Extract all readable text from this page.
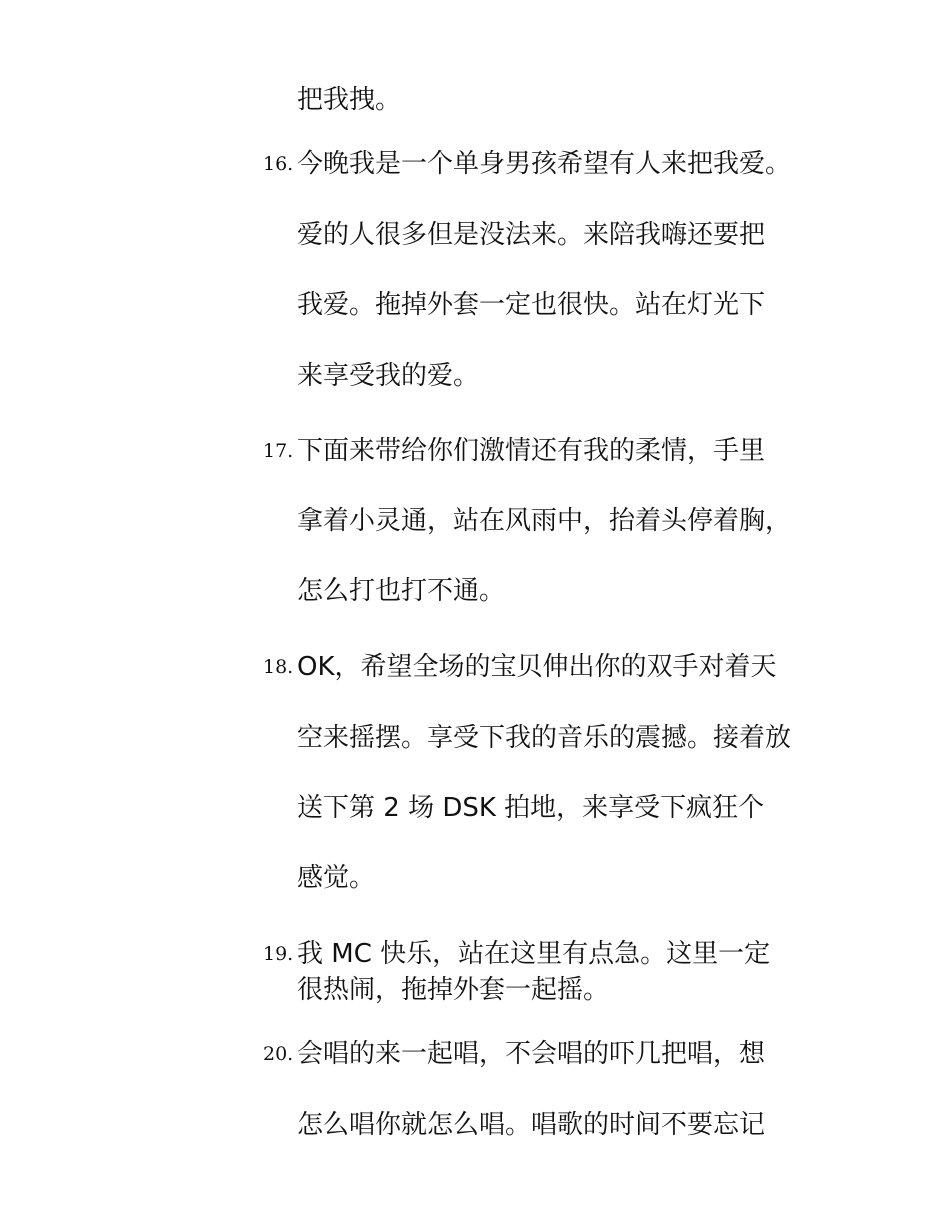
把我拽。
16. 今晚我是一个单身男孩希望有人来把我爱。
爱的人很多但是没法来。来陪我嗨还要把
我爱。拖掉外套一定也很快。站在灯光下
来享受我的爱。
17. 下面来带给你们激情还有我的柔情，手里
拿着小灵通，站在风雨中，抬着头停着胸，
怎么打也打不通。
18. OK，希望全场的宝贝伸出你的双手对着天
空来摇摆。享受下我的音乐的震撼。接着放
送下第 2 场 DSK 拍地，来享受下疯狂个
感觉。
19. 我 MC 快乐，站在这里有点急。这里一定
很热闹，拖掉外套一起摇。
20. 会唱的来一起唱，不会唱的吓几把唱，想
怎么唱你就怎么唱。唱歌的时间不要忘记
